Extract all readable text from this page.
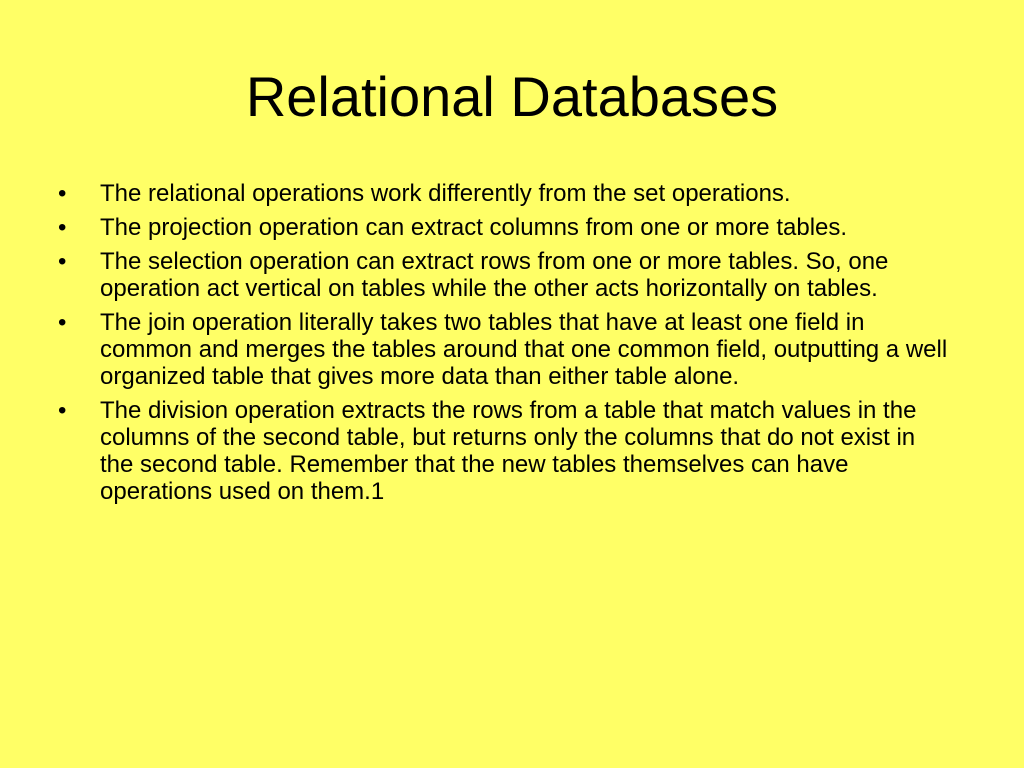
Relational Databases
•	The relational operations work differently from the set operations.
•	The projection operation can extract columns from one or more tables.
•	The selection operation can extract rows from one or more tables. So, one operation act vertical on tables while the other acts horizontally on tables.
•	The join operation literally takes two tables that have at least one field in common and merges the tables around that one common field, outputting a well organized table that gives more data than either table alone.
•	The division operation extracts the rows from a table that match values in the columns of the second table, but returns only the columns that do not exist in the second table. Remember that the new tables themselves can have operations used on them.1
